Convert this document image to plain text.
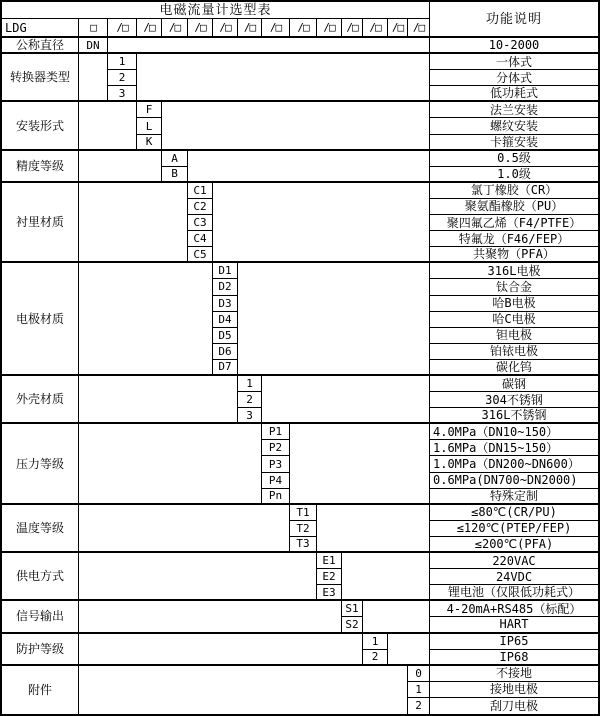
电磁流量计选型表
功能说明
LDG	□	/□	/□	/□	/□	/□	/□	/□	/□	/□	/□	/□	/□ /□
公称直径	DN	10-2000
转换器类型
1	一体式
2	分体式
3	低功耗式
安装形式
F	法兰安装
L	螺纹安装
K	卡箍安装
精度等级
A	0.5级
B	1.0级
衬里材质
C1	氯丁橡胶（CR）
C2	聚氨酯橡胶（PU）
C3	聚四氟乙烯（F4/PTFE）
C4	特氟龙（F46/FEP）
C5	共聚物（PFA）
电极材质
D1	316L电极
D2	钛合金
D3	哈B电极
D4	哈C电极
D5	钽电极
D6	铂铱电极
D7	碳化钨
外壳材质
1	碳钢
2	304不锈钢
3	316L不锈钢
压力等级
P1	4.0MPa（DN10~150）
P2	1.6MPa（DN15~150）
P3	1.0MPa（DN200~DN600）
P4	0.6MPa(DN700~DN2000)
Pn	特殊定制
温度等级
T1	≤80℃(CR/PU)
T2	≤120℃(PTEP/FEP)
T3	≤200℃(PFA)
供电方式
E1	220VAC
E2	24VDC
E3	锂电池（仅限低功耗式）
信号输出
S1	4-20mA+RS485（标配）
S2	HART
防护等级
1	IP65
2	IP68
附件
0	不接地
1	接地电极
2	刮刀电极
